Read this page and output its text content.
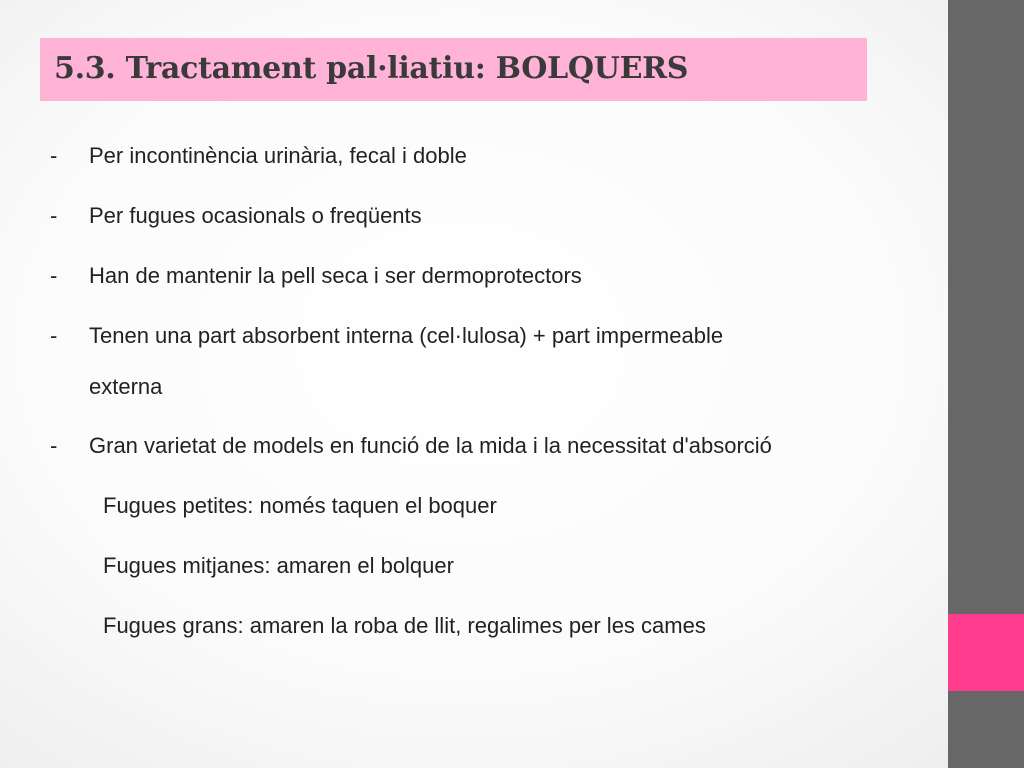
5.3. Tractament pal·liatiu: BOLQUERS
- Per incontinència urinària, fecal i doble
- Per fugues ocasionals o freqüents
- Han de mantenir la pell seca i ser dermoprotectors
- Tenen una part absorbent interna (cel·lulosa) + part impermeable
externa
- Gran varietat de models en funció de la mida i la necessitat d'absorció
Fugues petites: només taquen el boquer
Fugues mitjanes: amaren el bolquer
Fugues grans: amaren la roba de llit, regalimes per les cames
